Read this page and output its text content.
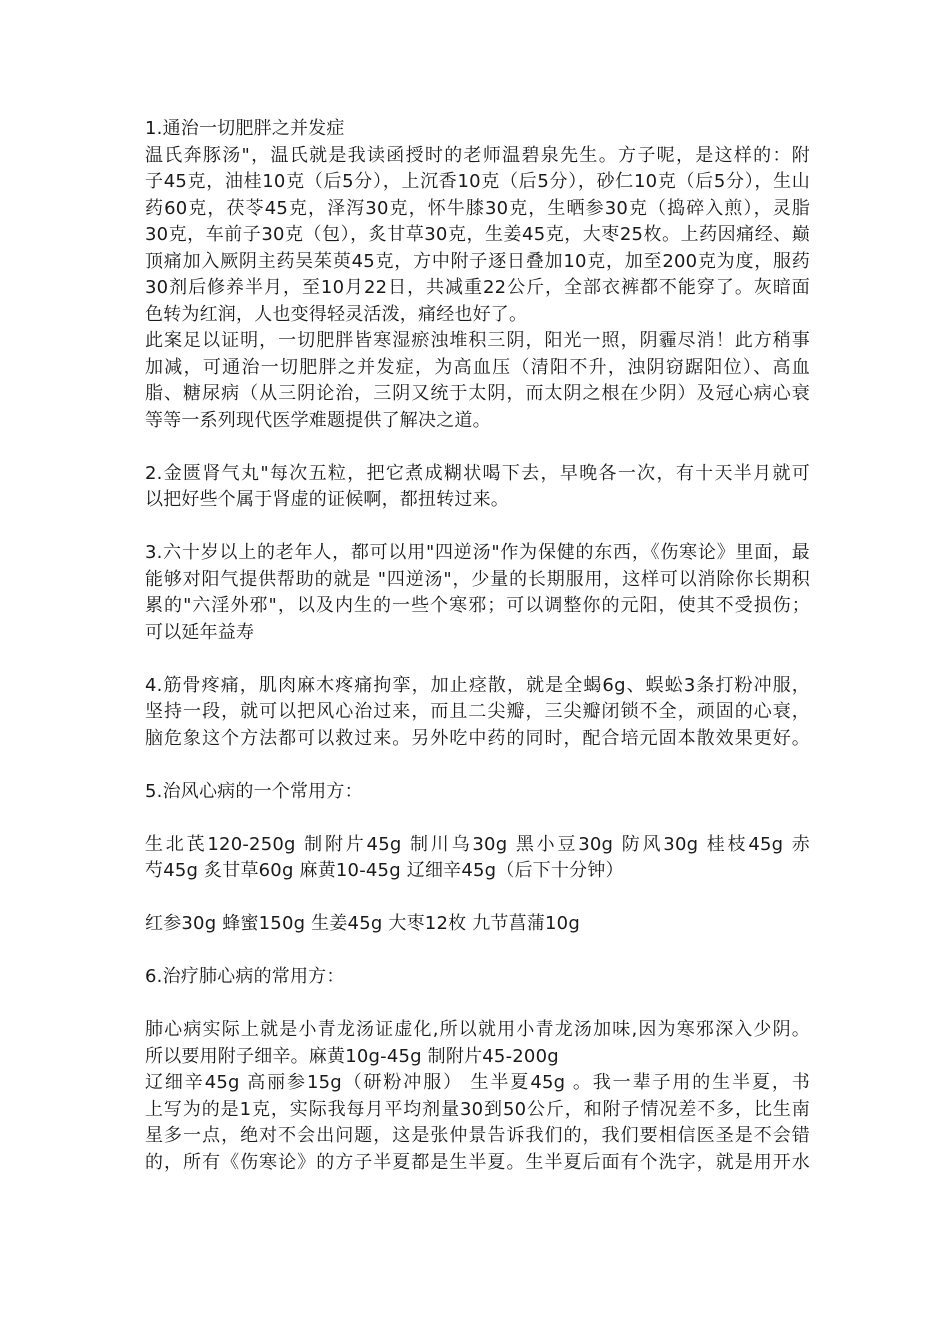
1.通治一切肥胖之并发症
温氏奔豚汤"，温氏就是我读函授时的老师温碧泉先生。方子呢，是这样的：附
子45克，油桂10克（后5分），上沉香10克（后5分），砂仁10克（后5分），生山
药60克，茯苓45克，泽泻30克，怀牛膝30克，生晒参30克（捣碎入煎），灵脂
30克，车前子30克（包），炙甘草30克，生姜45克，大枣25枚。上药因痛经、巅
顶痛加入厥阴主药吴茱萸45克，方中附子逐日叠加10克，加至200克为度，服药
30剂后修养半月，至10月22日，共减重22公斤，全部衣裤都不能穿了。灰暗面
色转为红润，人也变得轻灵活泼，痛经也好了。
此案足以证明，一切肥胖皆寒湿瘀浊堆积三阴，阳光一照，阴霾尽消！此方稍事
加减，可通治一切肥胖之并发症，为高血压（清阳不升，浊阴窃踞阳位）、高血
脂、糖尿病（从三阴论治，三阴又统于太阴，而太阴之根在少阴）及冠心病心衰
等等一系列现代医学难题提供了解决之道。
2.金匮肾气丸"每次五粒，把它煮成糊状喝下去，早晚各一次，有十天半月就可
以把好些个属于肾虚的证候啊，都扭转过来。
3.六十岁以上的老年人，都可以用"四逆汤"作为保健的东西，《伤寒论》里面，最
能够对阳气提供帮助的就是 "四逆汤"，少量的长期服用，这样可以消除你长期积
累的"六淫外邪"，以及内生的一些个寒邪；可以调整你的元阳，使其不受损伤；
可以延年益寿
4.筋骨疼痛，肌肉麻木疼痛拘挛，加止痉散，就是全蝎6g、蜈蚣3条打粉冲服，
坚持一段，就可以把风心治过来，而且二尖瓣，三尖瓣闭锁不全，顽固的心衰，
脑危象这个方法都可以救过来。另外吃中药的同时，配合培元固本散效果更好。
5.治风心病的一个常用方：
生北芪120-250g 制附片45g 制川乌30g 黑小豆30g 防风30g 桂枝45g 赤
芍45g 炙甘草60g 麻黄10-45g 辽细辛45g（后下十分钟）
红参30g 蜂蜜150g 生姜45g 大枣12枚 九节菖蒲10g
6.治疗肺心病的常用方：
肺心病实际上就是小青龙汤证虚化,所以就用小青龙汤加味,因为寒邪深入少阴。
所以要用附子细辛。麻黄10g-45g 制附片45-200g
辽细辛45g 高丽参15g（研粉冲服） 生半夏45g 。我一辈子用的生半夏，书
上写为的是1克，实际我每月平均剂量30到50公斤，和附子情况差不多，比生南
星多一点，绝对不会出问题，这是张仲景告诉我们的，我们要相信医圣是不会错
的，所有《伤寒论》的方子半夏都是生半夏。生半夏后面有个洗字，就是用开水
